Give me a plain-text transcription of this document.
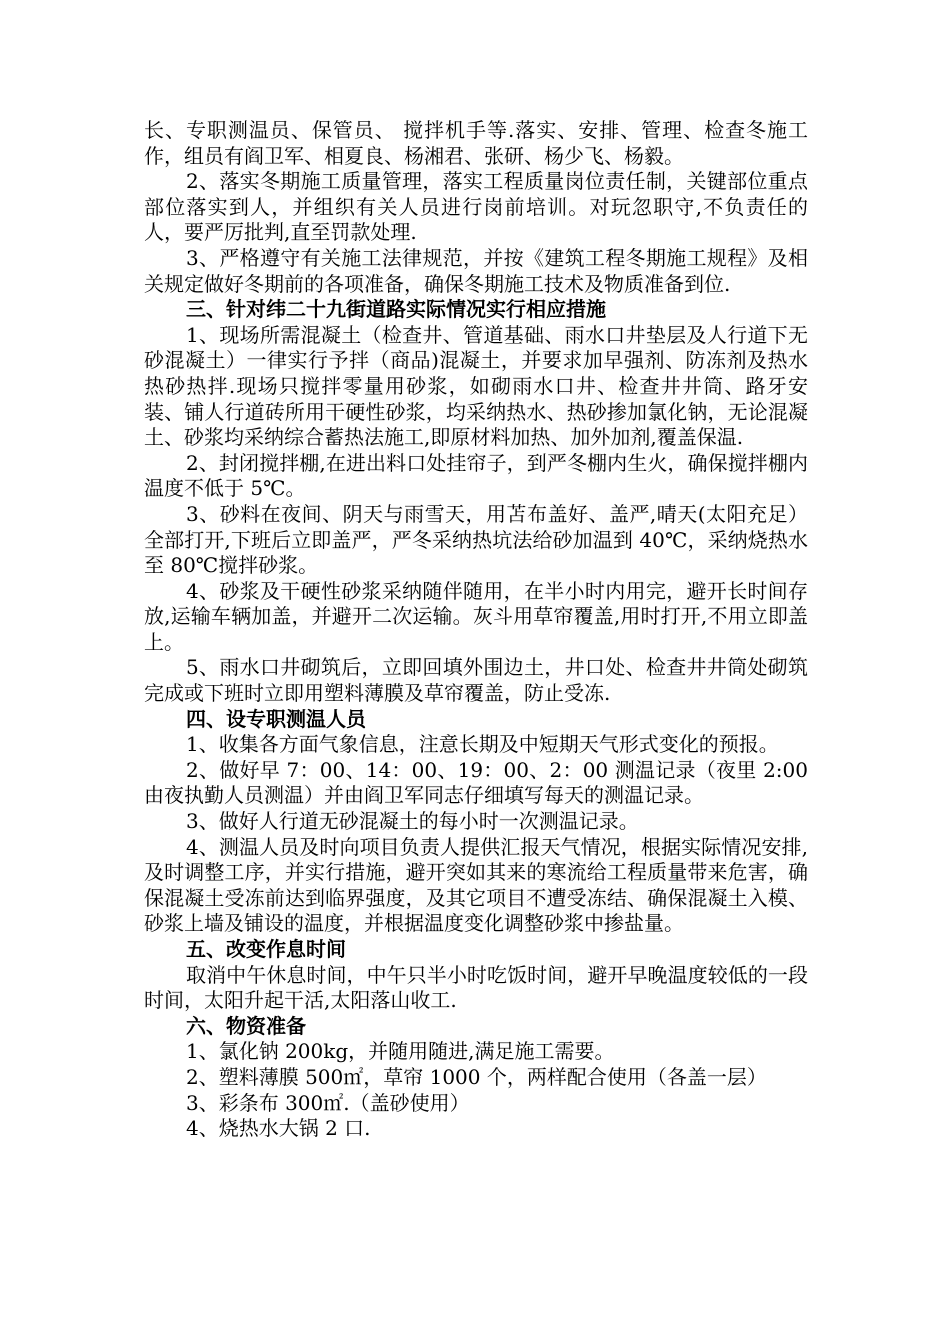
长、专职测温员、保管员、 搅拌机手等.落实、安排、管理、检查冬施工作，组员有阎卫军、相夏良、杨湘君、张研、杨少飞、杨毅。

2、落实冬期施工质量管理，落实工程质量岗位责任制，关键部位重点部位落实到人，并组织有关人员进行岗前培训。对玩忽职守,不负责任的人，要严厉批判,直至罚款处理.

3、严格遵守有关施工法律规范，并按《建筑工程冬期施工规程》及相关规定做好冬期前的各项准备，确保冬期施工技术及物质准备到位.

三、针对纬二十九街道路实际情况实行相应措施

1、现场所需混凝土（检查井、管道基础、雨水口井垫层及人行道下无砂混凝土）一律实行予拌（商品)混凝土，并要求加早强剂、防冻剂及热水热砂热拌.现场只搅拌零量用砂浆，如砌雨水口井、检查井井筒、路牙安装、铺人行道砖所用干硬性砂浆，均采纳热水、热砂掺加氯化钠，无论混凝土、砂浆均采纳综合蓄热法施工,即原材料加热、加外加剂,覆盖保温.

2、封闭搅拌棚,在进出料口处挂帘子，到严冬棚内生火，确保搅拌棚内温度不低于 5℃。

3、砂料在夜间、阴天与雨雪天，用苫布盖好、盖严,晴天(太阳充足）全部打开,下班后立即盖严，严冬采纳热坑法给砂加温到 40℃，采纳烧热水至 80℃搅拌砂浆。

4、砂浆及干硬性砂浆采纳随伴随用，在半小时内用完，避开长时间存放,运输车辆加盖，并避开二次运输。灰斗用草帘覆盖,用时打开,不用立即盖上。

5、雨水口井砌筑后，立即回填外围边土，井口处、检查井井筒处砌筑完成或下班时立即用塑料薄膜及草帘覆盖，防止受冻.

四、设专职测温人员

1、收集各方面气象信息，注意长期及中短期天气形式变化的预报。

2、做好早 7：00、14：00、19：00、2：00 测温记录（夜里 2:00 由夜执勤人员测温）并由阎卫军同志仔细填写每天的测温记录。

3、做好人行道无砂混凝土的每小时一次测温记录。

4、测温人员及时向项目负责人提供汇报天气情况，根据实际情况安排,及时调整工序，并实行措施，避开突如其来的寒流给工程质量带来危害，确保混凝土受冻前达到临界强度，及其它项目不遭受冻结、确保混凝土入模、砂浆上墙及铺设的温度，并根据温度变化调整砂浆中掺盐量。

五、改变作息时间

取消中午休息时间，中午只半小时吃饭时间，避开早晚温度较低的一段时间，太阳升起干活,太阳落山收工.

六、物资准备

1、氯化钠 200kg，并随用随进,满足施工需要。

2、塑料薄膜 500㎡，草帘 1000 个，两样配合使用（各盖一层）

3、彩条布 300㎡.（盖砂使用）

4、烧热水大锅 2 口.
